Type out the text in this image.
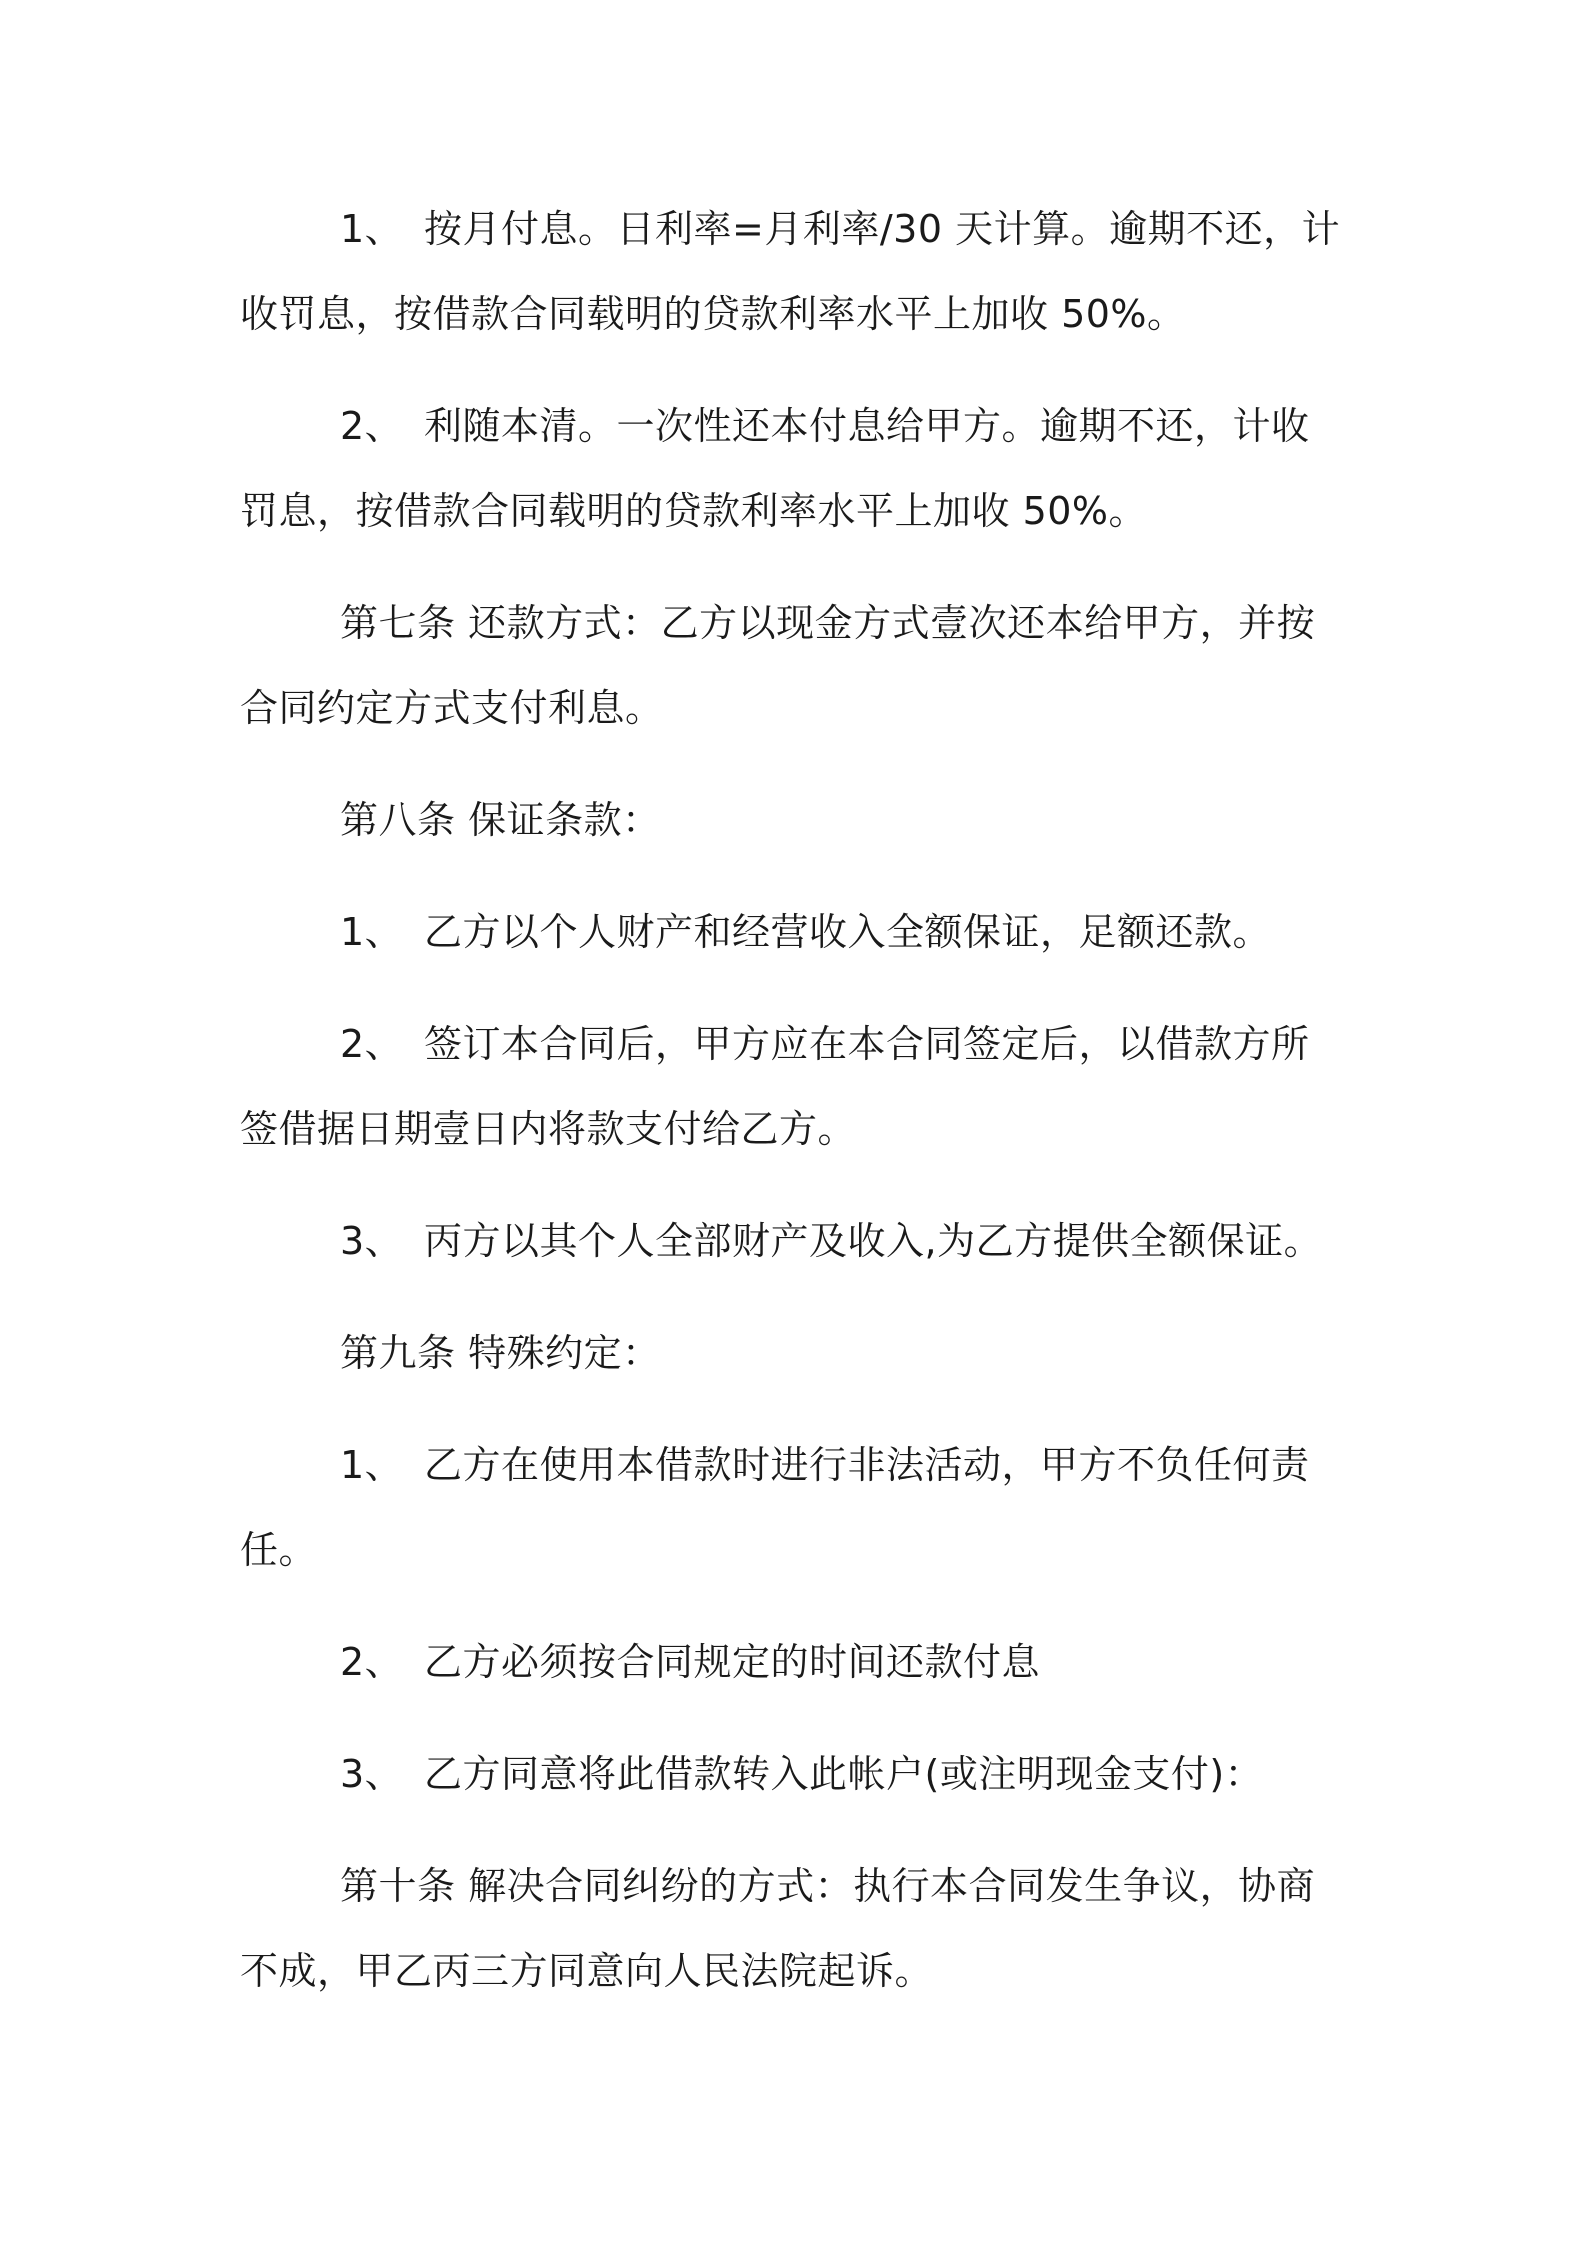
1、 按月付息。日利率=月利率/30 天计算。逾期不还，计
收罚息，按借款合同载明的贷款利率水平上加收 50%。
2、 利随本清。一次性还本付息给甲方。逾期不还，计收
罚息，按借款合同载明的贷款利率水平上加收 50%。
第七条 还款方式：乙方以现金方式壹次还本给甲方，并按
合同约定方式支付利息。
第八条 保证条款：
1、 乙方以个人财产和经营收入全额保证，足额还款。
2、 签订本合同后，甲方应在本合同签定后，以借款方所
签借据日期壹日内将款支付给乙方。
3、 丙方以其个人全部财产及收入,为乙方提供全额保证。
第九条 特殊约定：
1、 乙方在使用本借款时进行非法活动，甲方不负任何责
任。
2、 乙方必须按合同规定的时间还款付息
3、 乙方同意将此借款转入此帐户(或注明现金支付)：
第十条 解决合同纠纷的方式：执行本合同发生争议，协商
不成，甲乙丙三方同意向人民法院起诉。
